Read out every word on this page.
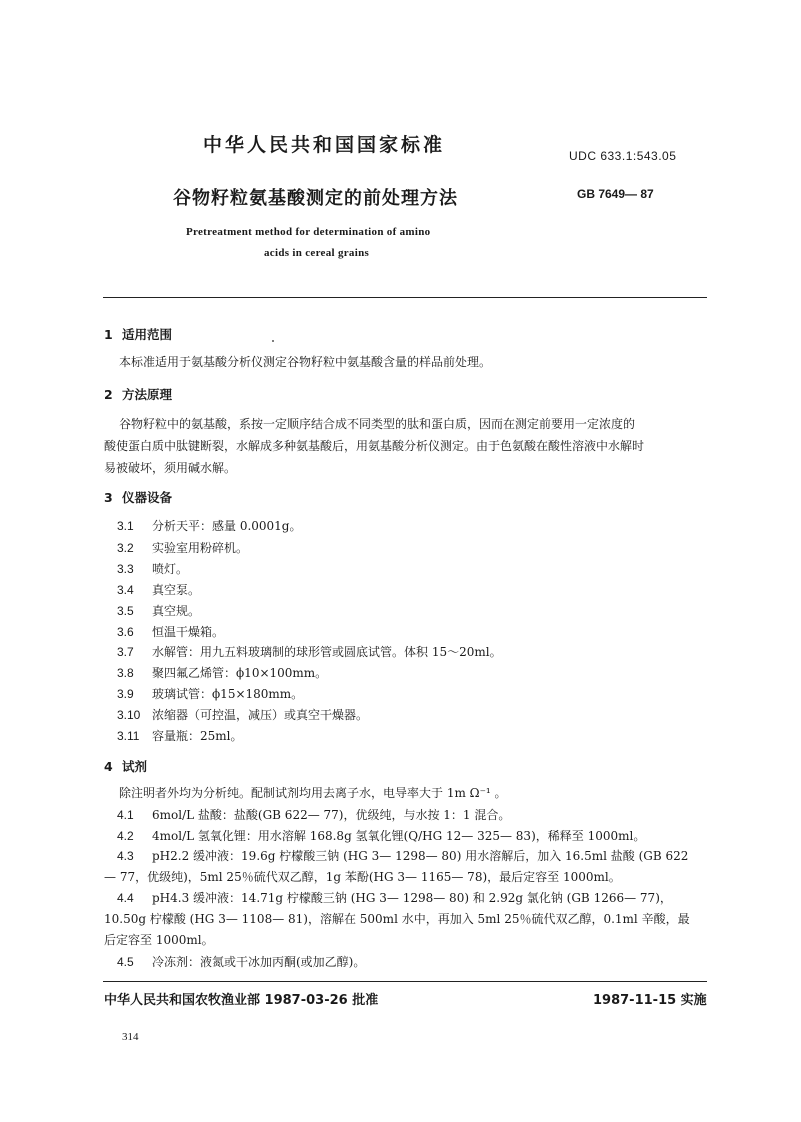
中华人民共和国国家标准	UDC 633.1:543.05
谷物籽粒氨基酸测定的前处理方法	GB 7649— 87
Pretreatment method for determination of amino
acids in cereal grains
1 适用范围
本标准适用于氨基酸分析仪测定谷物籽粒中氨基酸含量的样品前处理。
2 方法原理
谷物籽粒中的氨基酸，系按一定顺序结合成不同类型的肽和蛋白质，因而在测定前要用一定浓度的
酸使蛋白质中肽键断裂，水解成多种氨基酸后，用氨基酸分析仪测定。由于色氨酸在酸性溶液中水解时
易被破坏，须用碱水解。
3 仪器设备
3.1 分析天平：感量 0.0001g。
3.2 实验室用粉碎机。
3.3 喷灯。
3.4 真空泵。
3.5 真空规。
3.6 恒温干燥箱。
3.7 水解管：用九五料玻璃制的球形管或圆底试管。体积 15～20ml。
3.8 聚四氟乙烯管：ϕ10×100mm。
3.9 玻璃试管：ϕ15×180mm。
3.10 浓缩器（可控温，减压）或真空干燥器。
3.11 容量瓶：25ml。
4 试剂
除注明者外均为分析纯。配制试剂均用去离子水，电导率大于 1m Ω⁻¹ 。
4.1 6mol/L 盐酸：盐酸(GB 622— 77)，优级纯，与水按 1：1 混合。
4.2 4mol/L 氢氧化锂：用水溶解 168.8g 氢氧化锂(Q/HG 12— 325— 83)，稀释至 1000ml。
4.3 pH2.2 缓冲液：19.6g 柠檬酸三钠 (HG 3— 1298— 80) 用水溶解后，加入 16.5ml 盐酸 (GB 622
— 77，优级纯)，5ml 25％硫代双乙醇，1g 苯酚(HG 3— 1165— 78)，最后定容至 1000ml。
4.4 pH4.3 缓冲液：14.71g 柠檬酸三钠 (HG 3— 1298— 80) 和 2.92g 氯化钠 (GB 1266— 77)，
10.50g 柠檬酸 (HG 3— 1108— 81)，溶解在 500ml 水中，再加入 5ml 25％硫代双乙醇，0.1ml 辛酸，最
后定容至 1000ml。
4.5 冷冻剂：液氮或干冰加丙酮(或加乙醇)。
中华人民共和国农牧渔业部 1987-03-26 批准	1987-11-15 实施
314
